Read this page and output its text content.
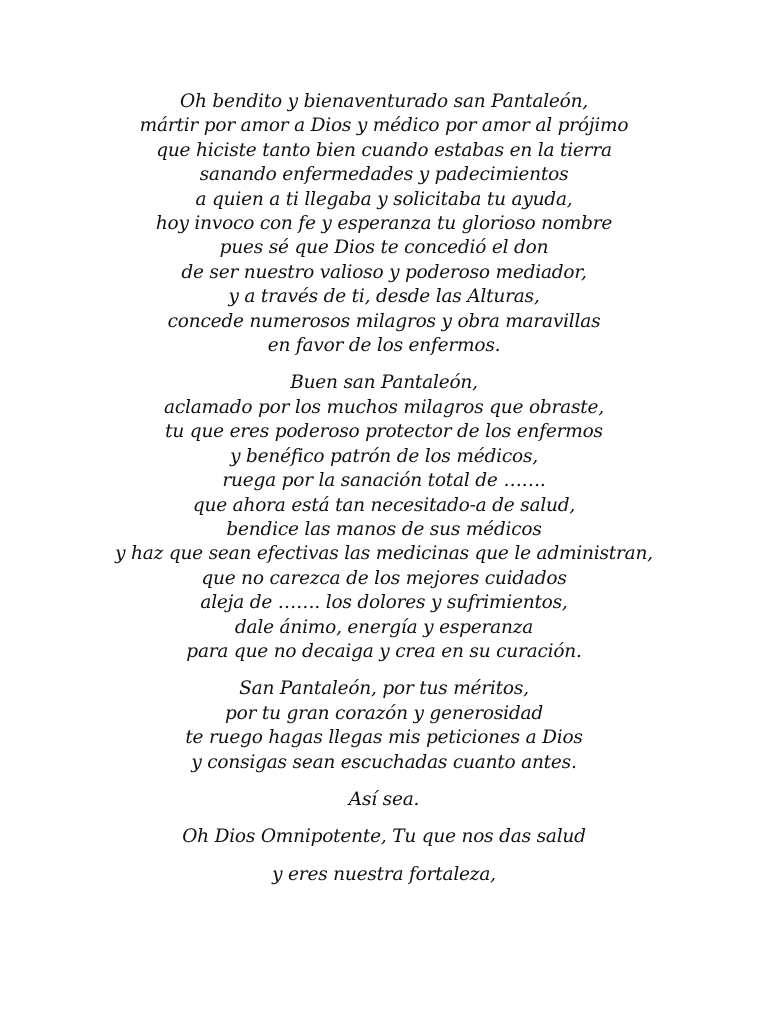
Oh bendito y bienaventurado san Pantaleón,
mártir por amor a Dios y médico por amor al prójimo
que hiciste tanto bien cuando estabas en la tierra
sanando enfermedades y padecimientos
a quien a ti llegaba y solicitaba tu ayuda,
hoy invoco con fe y esperanza tu glorioso nombre
pues sé que Dios te concedió el don
de ser nuestro valioso y poderoso mediador,
y a través de ti, desde las Alturas,
concede numerosos milagros y obra maravillas
en favor de los enfermos.

Buen san Pantaleón,
aclamado por los muchos milagros que obraste,
tu que eres poderoso protector de los enfermos
y benéfico patrón de los médicos,
ruega por la sanación total de …….
que ahora está tan necesitado-a de salud,
bendice las manos de sus médicos
y haz que sean efectivas las medicinas que le administran,
que no carezca de los mejores cuidados
aleja de ……. los dolores y sufrimientos,
dale ánimo, energía y esperanza
para que no decaiga y crea en su curación.

San Pantaleón, por tus méritos,
por tu gran corazón y generosidad
te ruego hagas llegas mis peticiones a Dios
y consigas sean escuchadas cuanto antes.

Así sea.

Oh Dios Omnipotente, Tu que nos das salud

y eres nuestra fortaleza,
